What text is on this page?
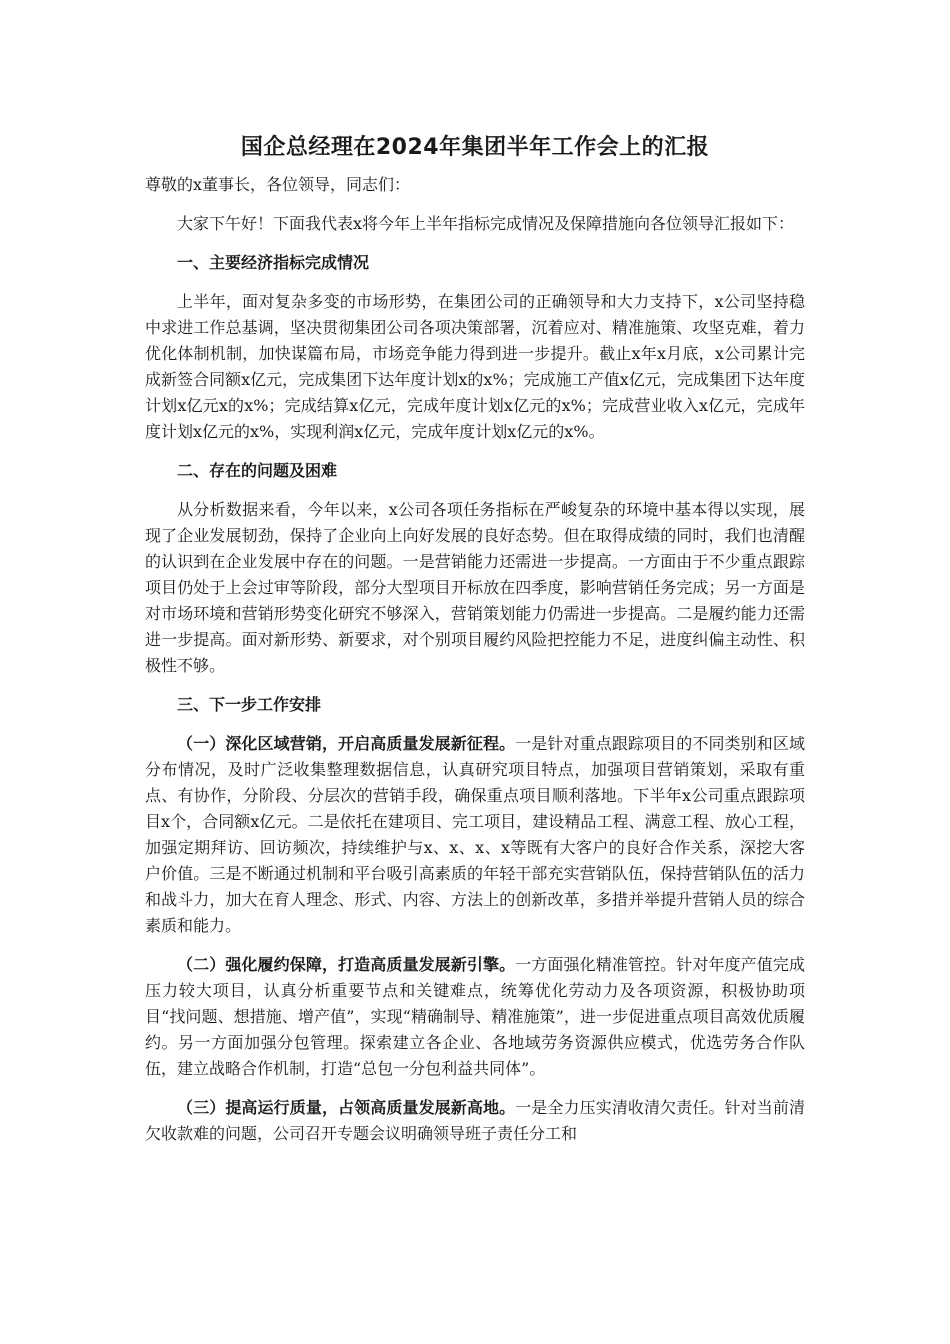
国企总经理在2024年集团半年工作会上的汇报

尊敬的x董事长，各位领导，同志们：

大家下午好！下面我代表x将今年上半年指标完成情况及保障措施向各位领导汇报如下：

一、主要经济指标完成情况

上半年，面对复杂多变的市场形势，在集团公司的正确领导和大力支持下，x公司坚持稳中求进工作总基调，坚决贯彻集团公司各项决策部署，沉着应对、精准施策、攻坚克难，着力优化体制机制，加快谋篇布局，市场竞争能力得到进一步提升。截止x年x月底，x公司累计完成新签合同额x亿元，完成集团下达年度计划x的x%；完成施工产值x亿元，完成集团下达年度计划x亿元x的x%；完成结算x亿元，完成年度计划x亿元的x%；完成营业收入x亿元，完成年度计划x亿元的x%，实现利润x亿元，完成年度计划x亿元的x%。

二、存在的问题及困难

从分析数据来看，今年以来，x公司各项任务指标在严峻复杂的环境中基本得以实现，展现了企业发展韧劲，保持了企业向上向好发展的良好态势。但在取得成绩的同时，我们也清醒的认识到在企业发展中存在的问题。一是营销能力还需进一步提高。一方面由于不少重点跟踪项目仍处于上会过审等阶段，部分大型项目开标放在四季度，影响营销任务完成；另一方面是对市场环境和营销形势变化研究不够深入，营销策划能力仍需进一步提高。二是履约能力还需进一步提高。面对新形势、新要求，对个别项目履约风险把控能力不足，进度纠偏主动性、积极性不够。

三、下一步工作安排

（一）深化区域营销，开启高质量发展新征程。一是针对重点跟踪项目的不同类别和区域分布情况，及时广泛收集整理数据信息，认真研究项目特点，加强项目营销策划，采取有重点、有协作，分阶段、分层次的营销手段，确保重点项目顺利落地。下半年x公司重点跟踪项目x个，合同额x亿元。二是依托在建项目、完工项目，建设精品工程、满意工程、放心工程，加强定期拜访、回访频次，持续维护与x、x、x、x等既有大客户的良好合作关系，深挖大客户价值。三是不断通过机制和平台吸引高素质的年轻干部充实营销队伍，保持营销队伍的活力和战斗力，加大在育人理念、形式、内容、方法上的创新改革，多措并举提升营销人员的综合素质和能力。

（二）强化履约保障，打造高质量发展新引擎。一方面强化精准管控。针对年度产值完成压力较大项目，认真分析重要节点和关键难点，统筹优化劳动力及各项资源，积极协助项目“找问题、想措施、增产值”，实现“精确制导、精准施策”，进一步促进重点项目高效优质履约。另一方面加强分包管理。探索建立各企业、各地域劳务资源供应模式，优选劳务合作队伍，建立战略合作机制，打造“总包一分包利益共同体”。

（三）提高运行质量，占领高质量发展新高地。一是全力压实清收清欠责任。针对当前清欠收款难的问题，公司召开专题会议明确领导班子责任分工和
